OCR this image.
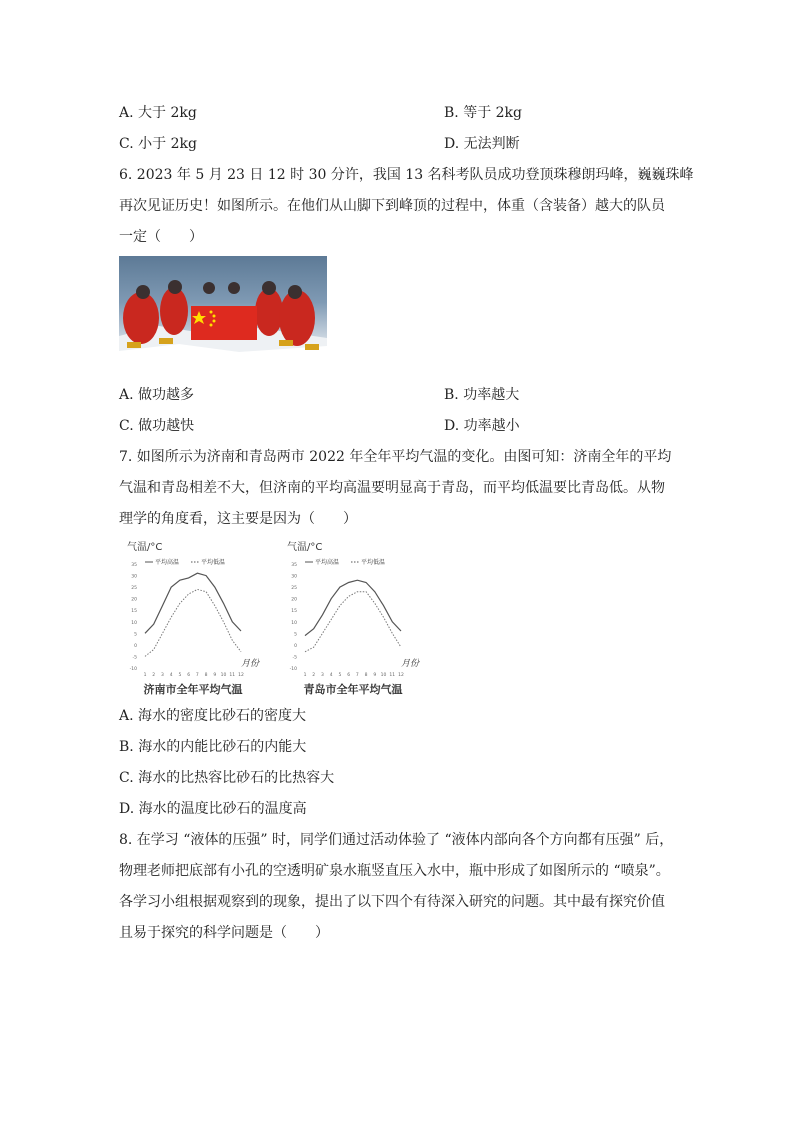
A. 大于 2kg	B. 等于 2kg
C. 小于 2kg	D. 无法判断
6. 2023 年 5 月 23 日 12 时 30 分许，我国 13 名科考队员成功登顶珠穆朗玛峰，巍巍珠峰
再次见证历史！如图所示。在他们从山脚下到峰顶的过程中，体重（含装备）越大的队员
一定（　　）
A. 做功越多	B. 功率越大
C. 做功越快	D. 功率越小
7. 如图所示为济南和青岛两市 2022 年全年平均气温的变化。由图可知：济南全年的平均
气温和青岛相差不大，但济南的平均高温要明显高于青岛，而平均低温要比青岛低。从物
理学的角度看，这主要是因为（　　）
气温/°C
平均高温	平均低温
35
30
25
20
15
10
5
0
-5
-10
1 2 3 4 5 6 7 8 9 10 11 12
月份
济南市全年平均气温
气温/°C
平均高温	平均低温
35
30
25
20
15
10
5
0
-5
-10
1 2 3 4 5 6 7 8 9 10 11 12
月份
青岛市全年平均气温
A. 海水的密度比砂石的密度大
B. 海水的内能比砂石的内能大
C. 海水的比热容比砂石的比热容大
D. 海水的温度比砂石的温度高
8. 在学习 “液体的压强” 时，同学们通过活动体验了 “液体内部向各个方向都有压强” 后，
物理老师把底部有小孔的空透明矿泉水瓶竖直压入水中，瓶中形成了如图所示的 “喷泉”。
各学习小组根据观察到的现象，提出了以下四个有待深入研究的问题。其中最有探究价值
且易于探究的科学问题是（　　）
